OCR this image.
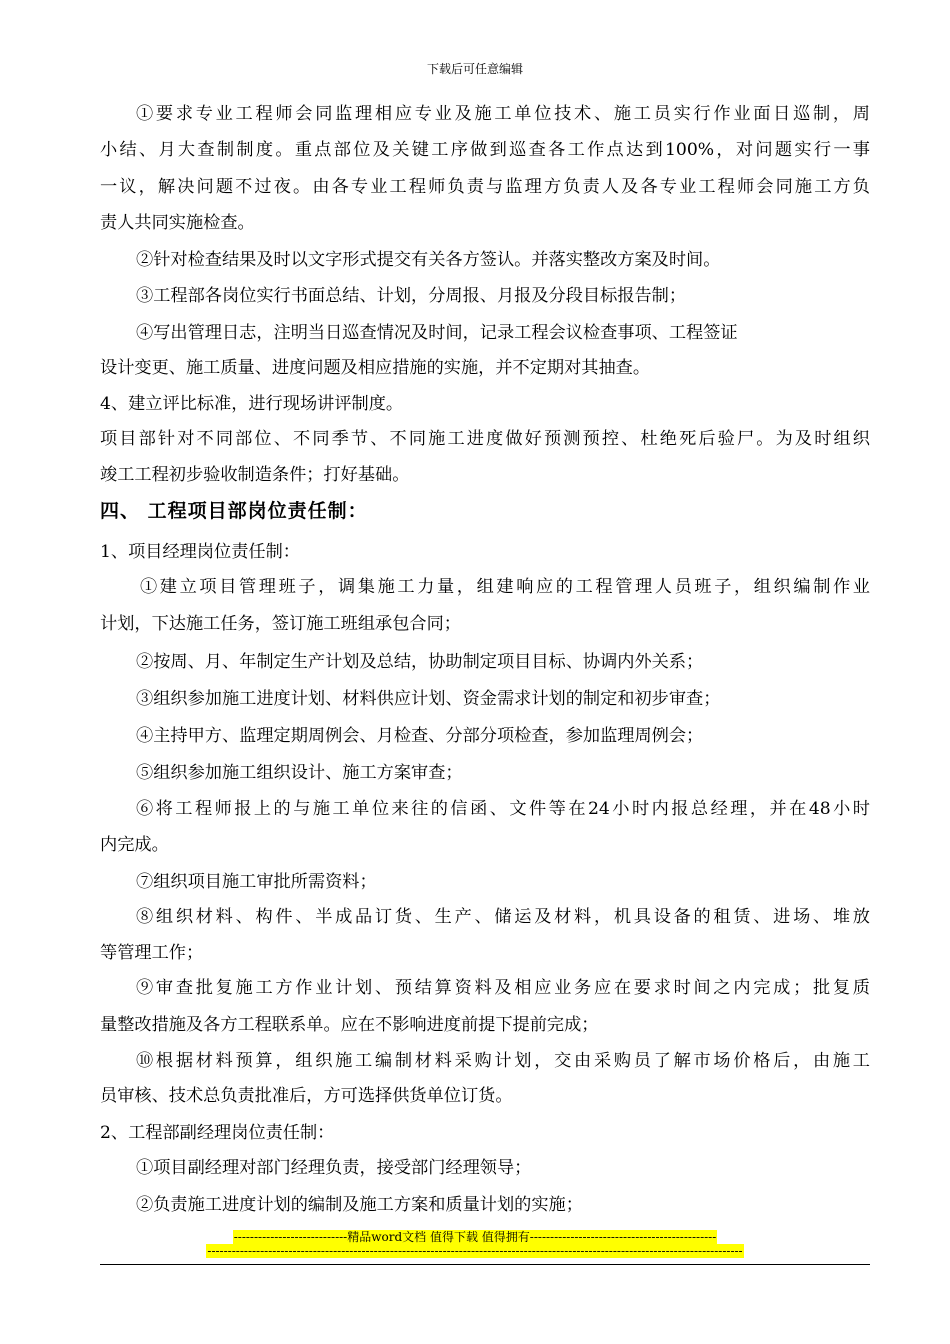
下载后可任意编辑
①要求专业工程师会同监理相应专业及施工单位技术、施工员实行作业面日巡制，周
小结、月大查制制度。重点部位及关键工序做到巡查各工作点达到100%，对问题实行一事
一议，解决问题不过夜。由各专业工程师负责与监理方负责人及各专业工程师会同施工方负
责人共同实施检查。
②针对检查结果及时以文字形式提交有关各方签认。并落实整改方案及时间。
③工程部各岗位实行书面总结、计划，分周报、月报及分段目标报告制；
④写出管理日志，注明当日巡查情况及时间，记录工程会议检查事项、工程签证
设计变更、施工质量、进度问题及相应措施的实施，并不定期对其抽查。
4、建立评比标准，进行现场讲评制度。
项目部针对不同部位、不同季节、不同施工进度做好预测预控、杜绝死后验尸。为及时组织
竣工工程初步验收制造条件；打好基础。
四、 工程项目部岗位责任制：
1、项目经理岗位责任制：
①建立项目管理班子，调集施工力量，组建响应的工程管理人员班子，组织编制作业
计划，下达施工任务，签订施工班组承包合同；
②按周、月、年制定生产计划及总结，协助制定项目目标、协调内外关系；
③组织参加施工进度计划、材料供应计划、资金需求计划的制定和初步审查；
④主持甲方、监理定期周例会、月检查、分部分项检查，参加监理周例会；
⑤组织参加施工组织设计、施工方案审查；
⑥将工程师报上的与施工单位来往的信函、文件等在24小时内报总经理，并在48小时
内完成。
⑦组织项目施工审批所需资料；
⑧组织材料、构件、半成品订货、生产、储运及材料，机具设备的租赁、进场、堆放
等管理工作；
⑨审查批复施工方作业计划、预结算资料及相应业务应在要求时间之内完成；批复质
量整改措施及各方工程联系单。应在不影响进度前提下提前完成；
⑩根据材料预算，组织施工编制材料采购计划，交由采购员了解市场价格后，由施工
员审核、技术总负责批准后，方可选择供货单位订货。
2、工程部副经理岗位责任制：
①项目副经理对部门经理负责，接受部门经理领导；
②负责施工进度计划的编制及施工方案和质量计划的实施；
----------------------------精品word文档 值得下载 值得拥有----------------------------------------------
------------------------------------------------------------------------------------------------------------------------------------
